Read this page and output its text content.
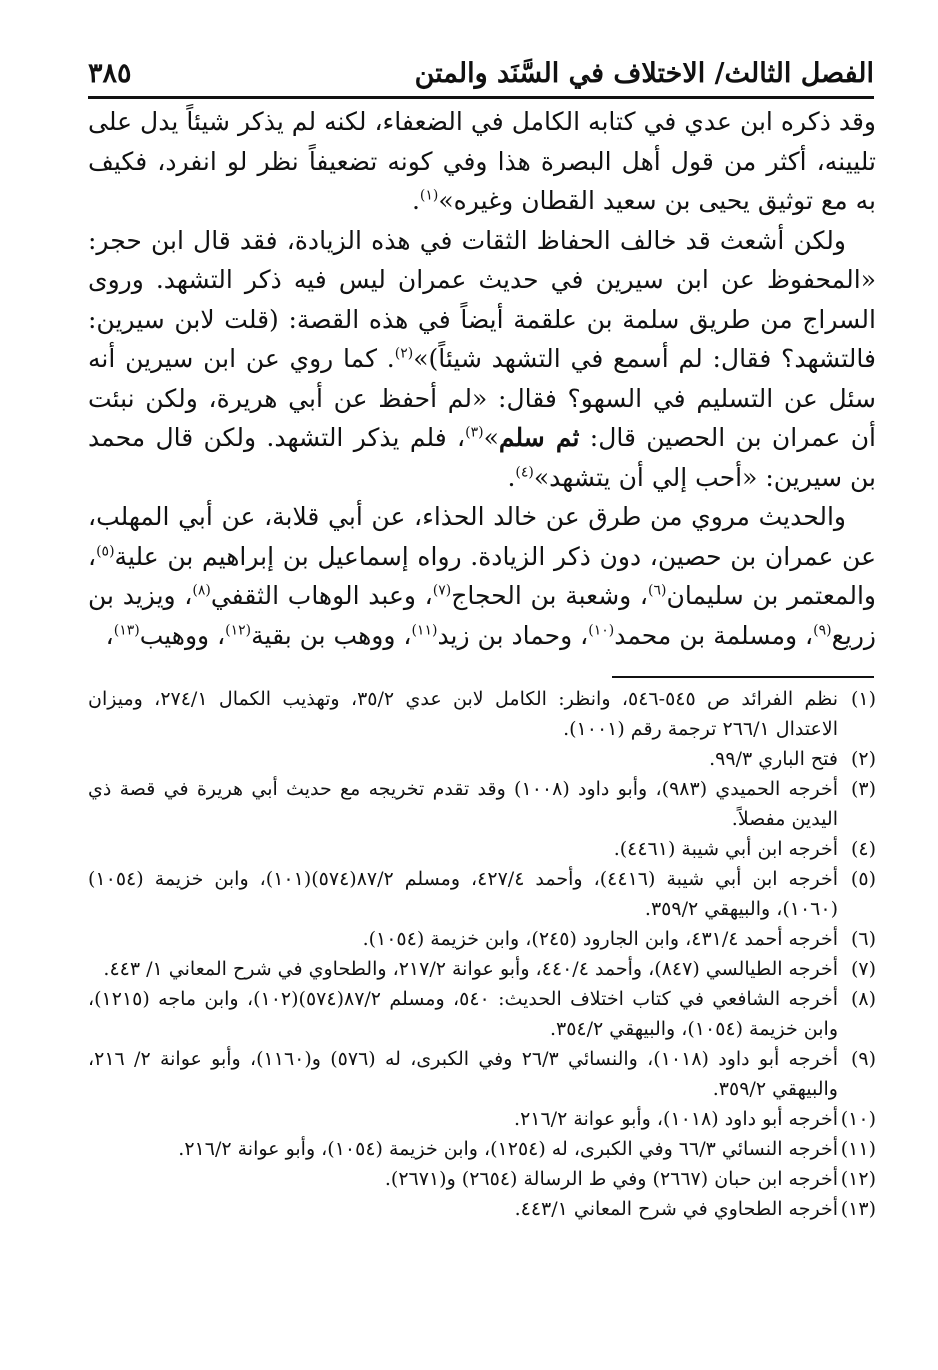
الفصل الثالث/ الاختلاف في السَّنَد والمتن
٣٨٥

وقد ذكره ابن عدي في كتابه الكامل في الضعفاء، لكنه لم يذكر شيئاً يدل على تليينه، أكثر من قول أهل البصرة هذا وفي كونه تضعيفاً نظر لو انفرد، فكيف به مع توثيق يحيى بن سعيد القطان وغيره»$^{(١)}$.

ولكن أشعث قد خالف الحفاظ الثقات في هذه الزيادة، فقد قال ابن حجر: «المحفوظ عن ابن سيرين في حديث عمران ليس فيه ذكر التشهد. وروى السراج من طريق سلمة بن علقمة أيضاً في هذه القصة: (قلت لابن سيرين: فالتشهد؟ فقال: لم أسمع في التشهد شيئاً)»$^{(٢)}$. كما روي عن ابن سيرين أنه سئل عن التسليم في السهو؟ فقال: «لم أحفظ عن أبي هريرة، ولكن نبئت أن عمران بن الحصين قال: ثم سلم»$^{(٣)}$، فلم يذكر التشهد. ولكن قال محمد بن سيرين: «أحب إلي أن يتشهد»$^{(٤)}$.

والحديث مروي من طرق عن خالد الحذاء، عن أبي قلابة، عن أبي المهلب، عن عمران بن حصين، دون ذكر الزيادة. رواه إسماعيل بن إبراهيم بن علية$^{(٥)}$، والمعتمر بن سليمان$^{(٦)}$، وشعبة بن الحجاج$^{(٧)}$، وعبد الوهاب الثقفي$^{(٨)}$، ويزيد بن زريع$^{(٩)}$، ومسلمة بن محمد$^{(١٠)}$، وحماد بن زيد$^{(١١)}$، ووهب بن بقية$^{(١٢)}$، ووهيب$^{(١٣)}$،

(١)نظم الفرائد ص ٥٤٥-٥٤٦، وانظر: الكامل لابن عدي ٣٥/٢، وتهذيب الكمال ٢٧٤/١، وميزان الاعتدال ٢٦٦/١ ترجمة رقم (١٠٠١).

(٢)فتح الباري ٩٩/٣.

(٣)أخرجه الحميدي (٩٨٣)، وأبو داود (١٠٠٨) وقد تقدم تخريجه مع حديث أبي هريرة في قصة ذي اليدين مفصلاً.

(٤)أخرجه ابن أبي شيبة (٤٤٦١).

(٥)أخرجه ابن أبي شيبة (٤٤١٦)، وأحمد ٤٢٧/٤، ومسلم ٨٧/٢(٥٧٤)(١٠١)، وابن خزيمة (١٠٥٤) (١٠٦٠)، والبيهقي ٣٥٩/٢.

(٦)أخرجه أحمد ٤٣١/٤، وابن الجارود (٢٤٥)، وابن خزيمة (١٠٥٤).

(٧)أخرجه الطيالسي (٨٤٧)، وأحمد ٤٤٠/٤، وأبو عوانة ٢١٧/٢، والطحاوي في شرح المعاني ١/ ٤٤٣.

(٨)أخرجه الشافعي في كتاب اختلاف الحديث: ٥٤٠، ومسلم ٨٧/٢(٥٧٤)(١٠٢)، وابن ماجه (١٢١٥)، وابن خزيمة (١٠٥٤)، والبيهقي ٣٥٤/٢.

(٩)أخرجه أبو داود (١٠١٨)، والنسائي ٢٦/٣ وفي الكبرى، له (٥٧٦) و(١١٦٠)، وأبو عوانة ٢/ ٢١٦، والبيهقي ٣٥٩/٢.

(١٠)أخرجه أبو داود (١٠١٨)، وأبو عوانة ٢١٦/٢.

(١١)أخرجه النسائي ٦٦/٣ وفي الكبرى، له (١٢٥٤)، وابن خزيمة (١٠٥٤)، وأبو عوانة ٢١٦/٢.

(١٢)أخرجه ابن حبان (٢٦٦٧) وفي ط الرسالة (٢٦٥٤) و(٢٦٧١).

(١٣)أخرجه الطحاوي في شرح المعاني ٤٤٣/١.
